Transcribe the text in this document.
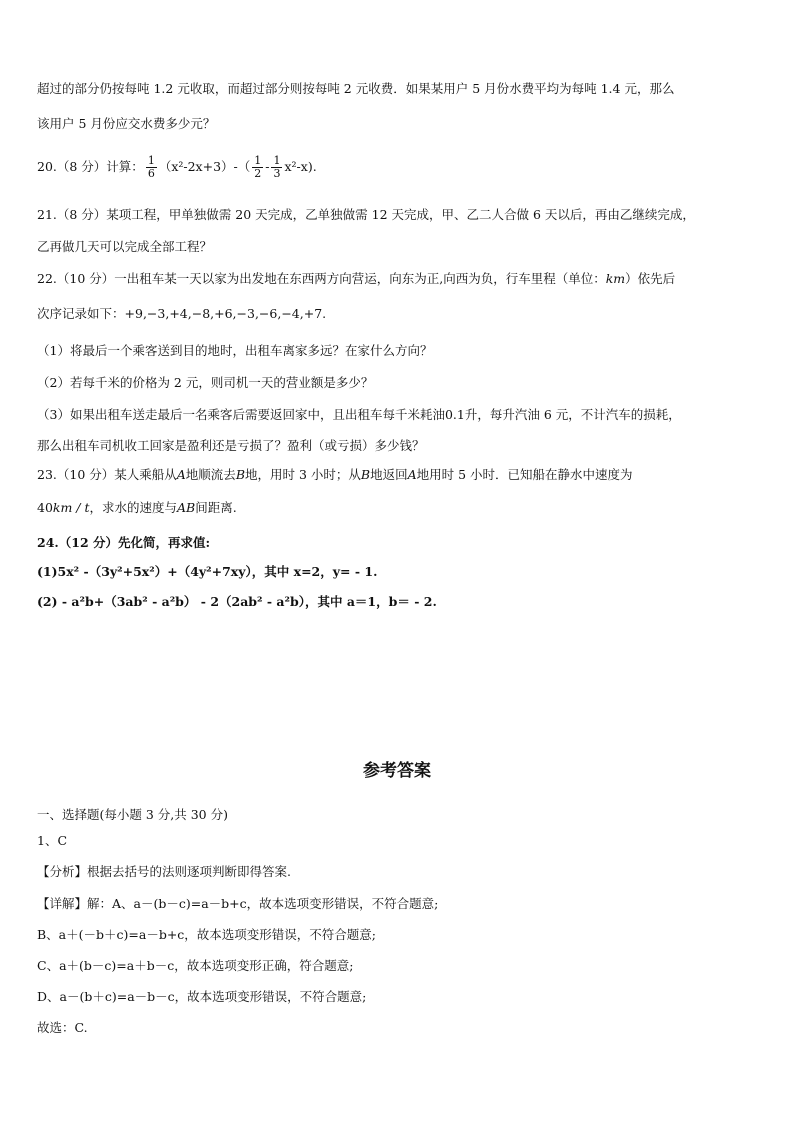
超过的部分仍按每吨 1.2 元收取，而超过部分则按每吨 2 元收费．如果某用户 5 月份水费平均为每吨 1.4 元，那么
该用户 5 月份应交水费多少元？
20.（8 分）计算： $\frac{1}{6} (x^2-2x+3)-( \frac{1}{2} - \frac{1}{3} x^2-x)$.
21.（8 分）某项工程，甲单独做需 20 天完成，乙单独做需 12 天完成，甲、乙二人合做 6 天以后，再由乙继续完成，
乙再做几天可以完成全部工程？
22.（10 分）一出租车某一天以家为出发地在东西两方向营运，向东为正,向西为负，行车里程（单位：km）依先后
次序记录如下：+9,−3,+4,−8,+6,−3,−6,−4,+7.
（1）将最后一个乘客送到目的地时，出租车离家多远？在家什么方向？
（2）若每千米的价格为 2 元，则司机一天的营业额是多少？
（3）如果出租车送走最后一名乘客后需要返回家中，且出租车每千米耗油0.1升，每升汽油 6 元，不计汽车的损耗，
那么出租车司机收工回家是盈利还是亏损了？盈利（或亏损）多少钱？
23.（10 分）某人乘船从A地顺流去B地，用时 3 小时；从B地返回A地用时 5 小时．已知船在静水中速度为
40km / t，求水的速度与AB间距离.
24.（12 分）先化简，再求值:
(1)5x² -（3y²+5x²）+（4y²+7xy），其中 x=2，y= - 1.
(2) - a²b+（3ab² - a²b） - 2（2ab² - a²b），其中 a＝1，b＝ - 2.
参考答案
一、选择题(每小题 3 分,共 30 分)
1、C
【分析】根据去括号的法则逐项判断即得答案.
【详解】解：A、a－(b－c)=a－b+c，故本选项变形错误，不符合题意;
B、a＋(－b＋c)=a－b+c，故本选项变形错误，不符合题意;
C、a＋(b－c)=a＋b－c，故本选项变形正确，符合题意;
D、a－(b＋c)=a－b－c，故本选项变形错误，不符合题意;
故选：C.
